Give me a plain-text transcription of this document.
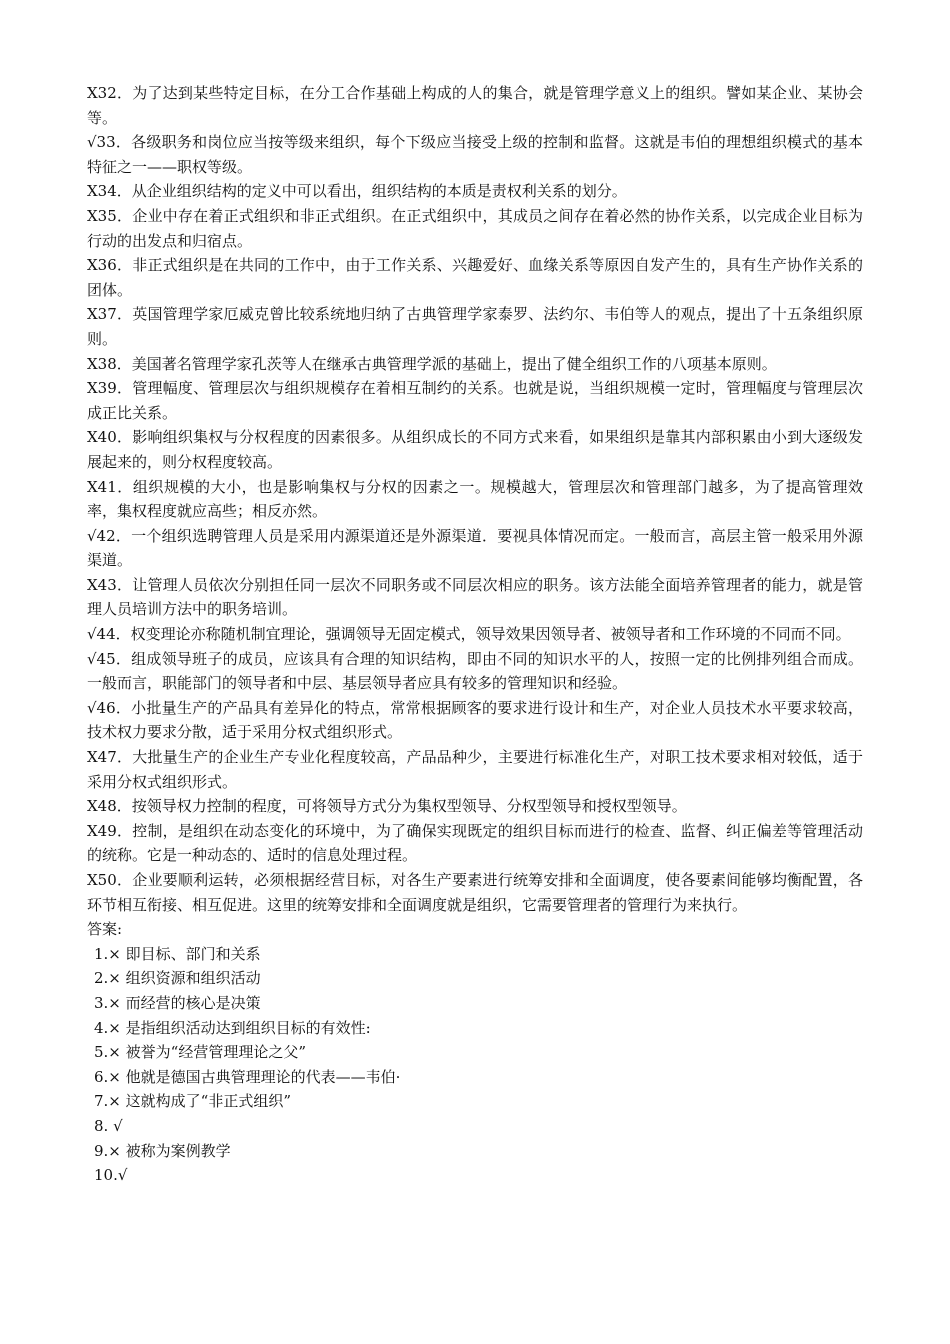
X32．为了达到某些特定目标，在分工合作基础上构成的人的集合，就是管理学意义上的组织。譬如某企业、某协会等。

√33．各级职务和岗位应当按等级来组织，每个下级应当接受上级的控制和监督。这就是韦伯的理想组织模式的基本特征之一——职权等级。

X34．从企业组织结构的定义中可以看出，组织结构的本质是责权利关系的划分。

X35．企业中存在着正式组织和非正式组织。在正式组织中，其成员之间存在着必然的协作关系，以完成企业目标为行动的出发点和归宿点。

X36．非正式组织是在共同的工作中，由于工作关系、兴趣爱好、血缘关系等原因自发产生的，具有生产协作关系的团体。

X37．英国管理学家厄威克曾比较系统地归纳了古典管理学家泰罗、法约尔、韦伯等人的观点，提出了十五条组织原则。

X38．美国著名管理学家孔茨等人在继承古典管理学派的基础上，提出了健全组织工作的八项基本原则。

X39．管理幅度、管理层次与组织规模存在着相互制约的关系。也就是说，当组织规模一定时，管理幅度与管理层次成正比关系。

X40．影响组织集权与分权程度的因素很多。从组织成长的不同方式来看，如果组织是靠其内部积累由小到大逐级发展起来的，则分权程度较高。

X41．组织规模的大小，也是影响集权与分权的因素之一。规模越大，管理层次和管理部门越多，为了提高管理效率，集权程度就应高些；相反亦然。

√42．一个组织选聘管理人员是采用内源渠道还是外源渠道．要视具体情况而定。一般而言，高层主管一般采用外源渠道。

X43．让管理人员依次分别担任同一层次不同职务或不同层次相应的职务。该方法能全面培养管理者的能力，就是管理人员培训方法中的职务培训。

√44．权变理论亦称随机制宜理论，强调领导无固定模式，领导效果因领导者、被领导者和工作环境的不同而不同。

√45．组成领导班子的成员，应该具有合理的知识结构，即由不同的知识水平的人，按照一定的比例排列组合而成。一般而言，职能部门的领导者和中层、基层领导者应具有较多的管理知识和经验。

√46．小批量生产的产品具有差异化的特点，常常根据顾客的要求进行设计和生产，对企业人员技术水平要求较高，技术权力要求分散，适于采用分权式组织形式。

X47．大批量生产的企业生产专业化程度较高，产品品种少，主要进行标准化生产，对职工技术要求相对较低，适于采用分权式组织形式。

X48．按领导权力控制的程度，可将领导方式分为集权型领导、分权型领导和授权型领导。

X49．控制，是组织在动态变化的环境中，为了确保实现既定的组织目标而进行的检查、监督、纠正偏差等管理活动的统称。它是一种动态的、适时的信息处理过程。

X50．企业要顺利运转，必须根据经营目标，对各生产要素进行统筹安排和全面调度，使各要素间能够均衡配置，各环节相互衔接、相互促进。这里的统筹安排和全面调度就是组织，它需要管理者的管理行为来执行。

答案:

1.× 即目标、部门和关系

2.× 组织资源和组织活动

3.× 而经营的核心是决策

4.× 是指组织活动达到组织目标的有效性:

5.× 被誉为“经营管理理论之父”

6.× 他就是德国古典管理理论的代表——韦伯·

7.× 这就构成了“非正式组织”

8. √

9.× 被称为案例教学

10.√
